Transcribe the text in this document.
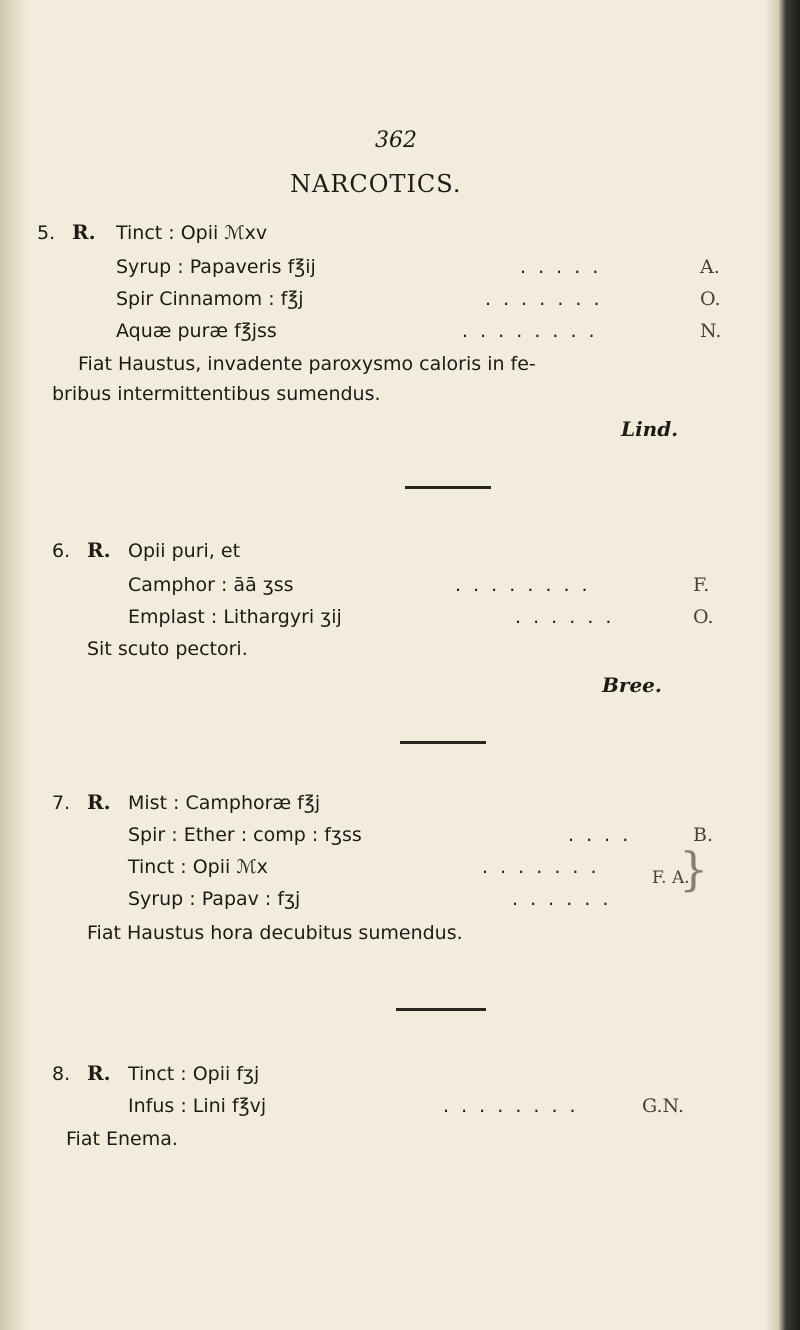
362
NARCOTICS.
5. R. Tinct : Opii ℳxv
Syrup : Papaveris f℥ij	. . . . .	A.
Spir Cinnamom : f℥j	. . . . . . .	O.
Aquæ puræ f℥jss	. . . . . . . .	N.
Fiat Haustus, invadente paroxysmo caloris in fe-
bribus intermittentibus sumendus.
Lind.
6. R. Opii puri, et
Camphor : āā ʒss	. . . . . . . .	F.
Emplast : Lithargyri ʒij	. . . . . .	O.
Sit scuto pectori.
Bree.
7. R. Mist : Camphoræ f℥j
Spir : Ether : comp : fʒss	. . . .	B.
Tinct : Opii ℳx	. . . . . . .
Syrup : Papav : fʒj	. . . . . .
}
F. A.
Fiat Haustus hora decubitus sumendus.
8. R. Tinct : Opii fʒj
Infus : Lini f℥vj	. . . . . . . .	G.N.
Fiat Enema.
